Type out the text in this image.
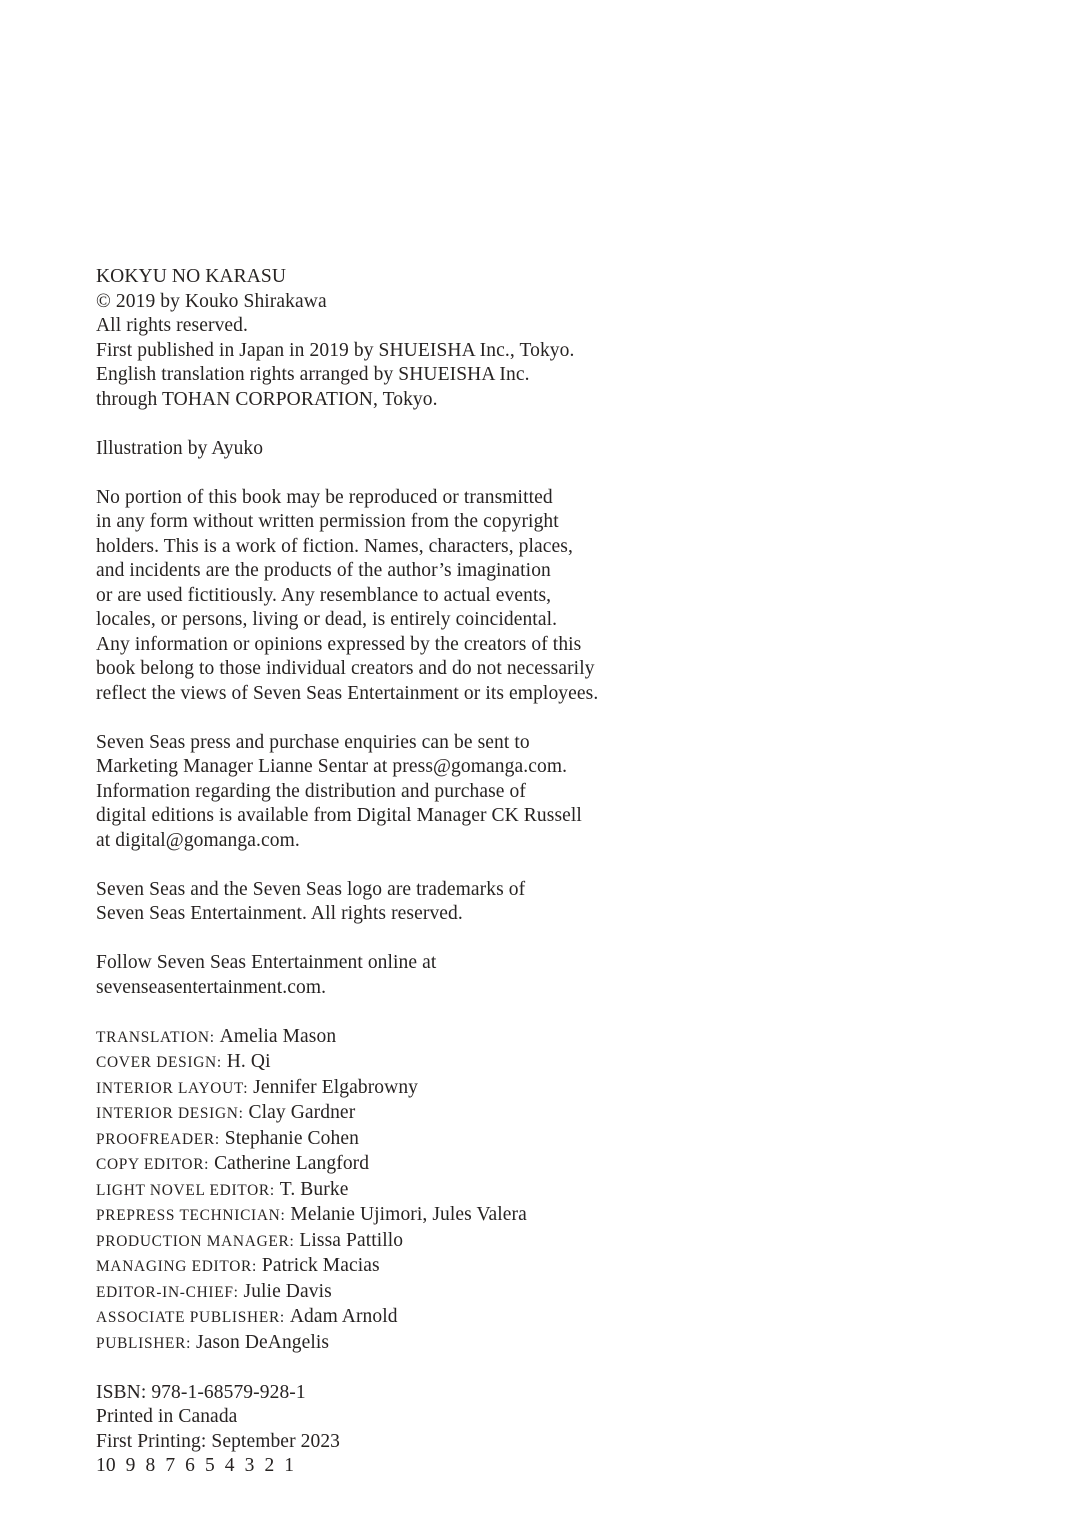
KOKYU NO KARASU
© 2019 by Kouko Shirakawa
All rights reserved.
First published in Japan in 2019 by SHUEISHA Inc., Tokyo.
English translation rights arranged by SHUEISHA Inc.
through TOHAN CORPORATION, Tokyo.
Illustration by Ayuko
No portion of this book may be reproduced or transmitted
in any form without written permission from the copyright
holders. This is a work of fiction. Names, characters, places,
and incidents are the products of the author’s imagination
or are used fictitiously. Any resemblance to actual events,
locales, or persons, living or dead, is entirely coincidental.
Any information or opinions expressed by the creators of this
book belong to those individual creators and do not necessarily
reflect the views of Seven Seas Entertainment or its employees.
Seven Seas press and purchase enquiries can be sent to
Marketing Manager Lianne Sentar at press@gomanga.com.
Information regarding the distribution and purchase of
digital editions is available from Digital Manager CK Russell
at digital@gomanga.com.
Seven Seas and the Seven Seas logo are trademarks of
Seven Seas Entertainment. All rights reserved.
Follow Seven Seas Entertainment online at
sevenseasentertainment.com.
TRANSLATION: Amelia Mason
COVER DESIGN: H. Qi
INTERIOR LAYOUT: Jennifer Elgabrowny
INTERIOR DESIGN: Clay Gardner
PROOFREADER: Stephanie Cohen
COPY EDITOR: Catherine Langford
LIGHT NOVEL EDITOR: T. Burke
PREPRESS TECHNICIAN: Melanie Ujimori, Jules Valera
PRODUCTION MANAGER: Lissa Pattillo
MANAGING EDITOR: Patrick Macias
EDITOR-IN-CHIEF: Julie Davis
ASSOCIATE PUBLISHER: Adam Arnold
PUBLISHER: Jason DeAngelis
ISBN: 978-1-68579-928-1
Printed in Canada
First Printing: September 2023
10 9 8 7 6 5 4 3 2 1
